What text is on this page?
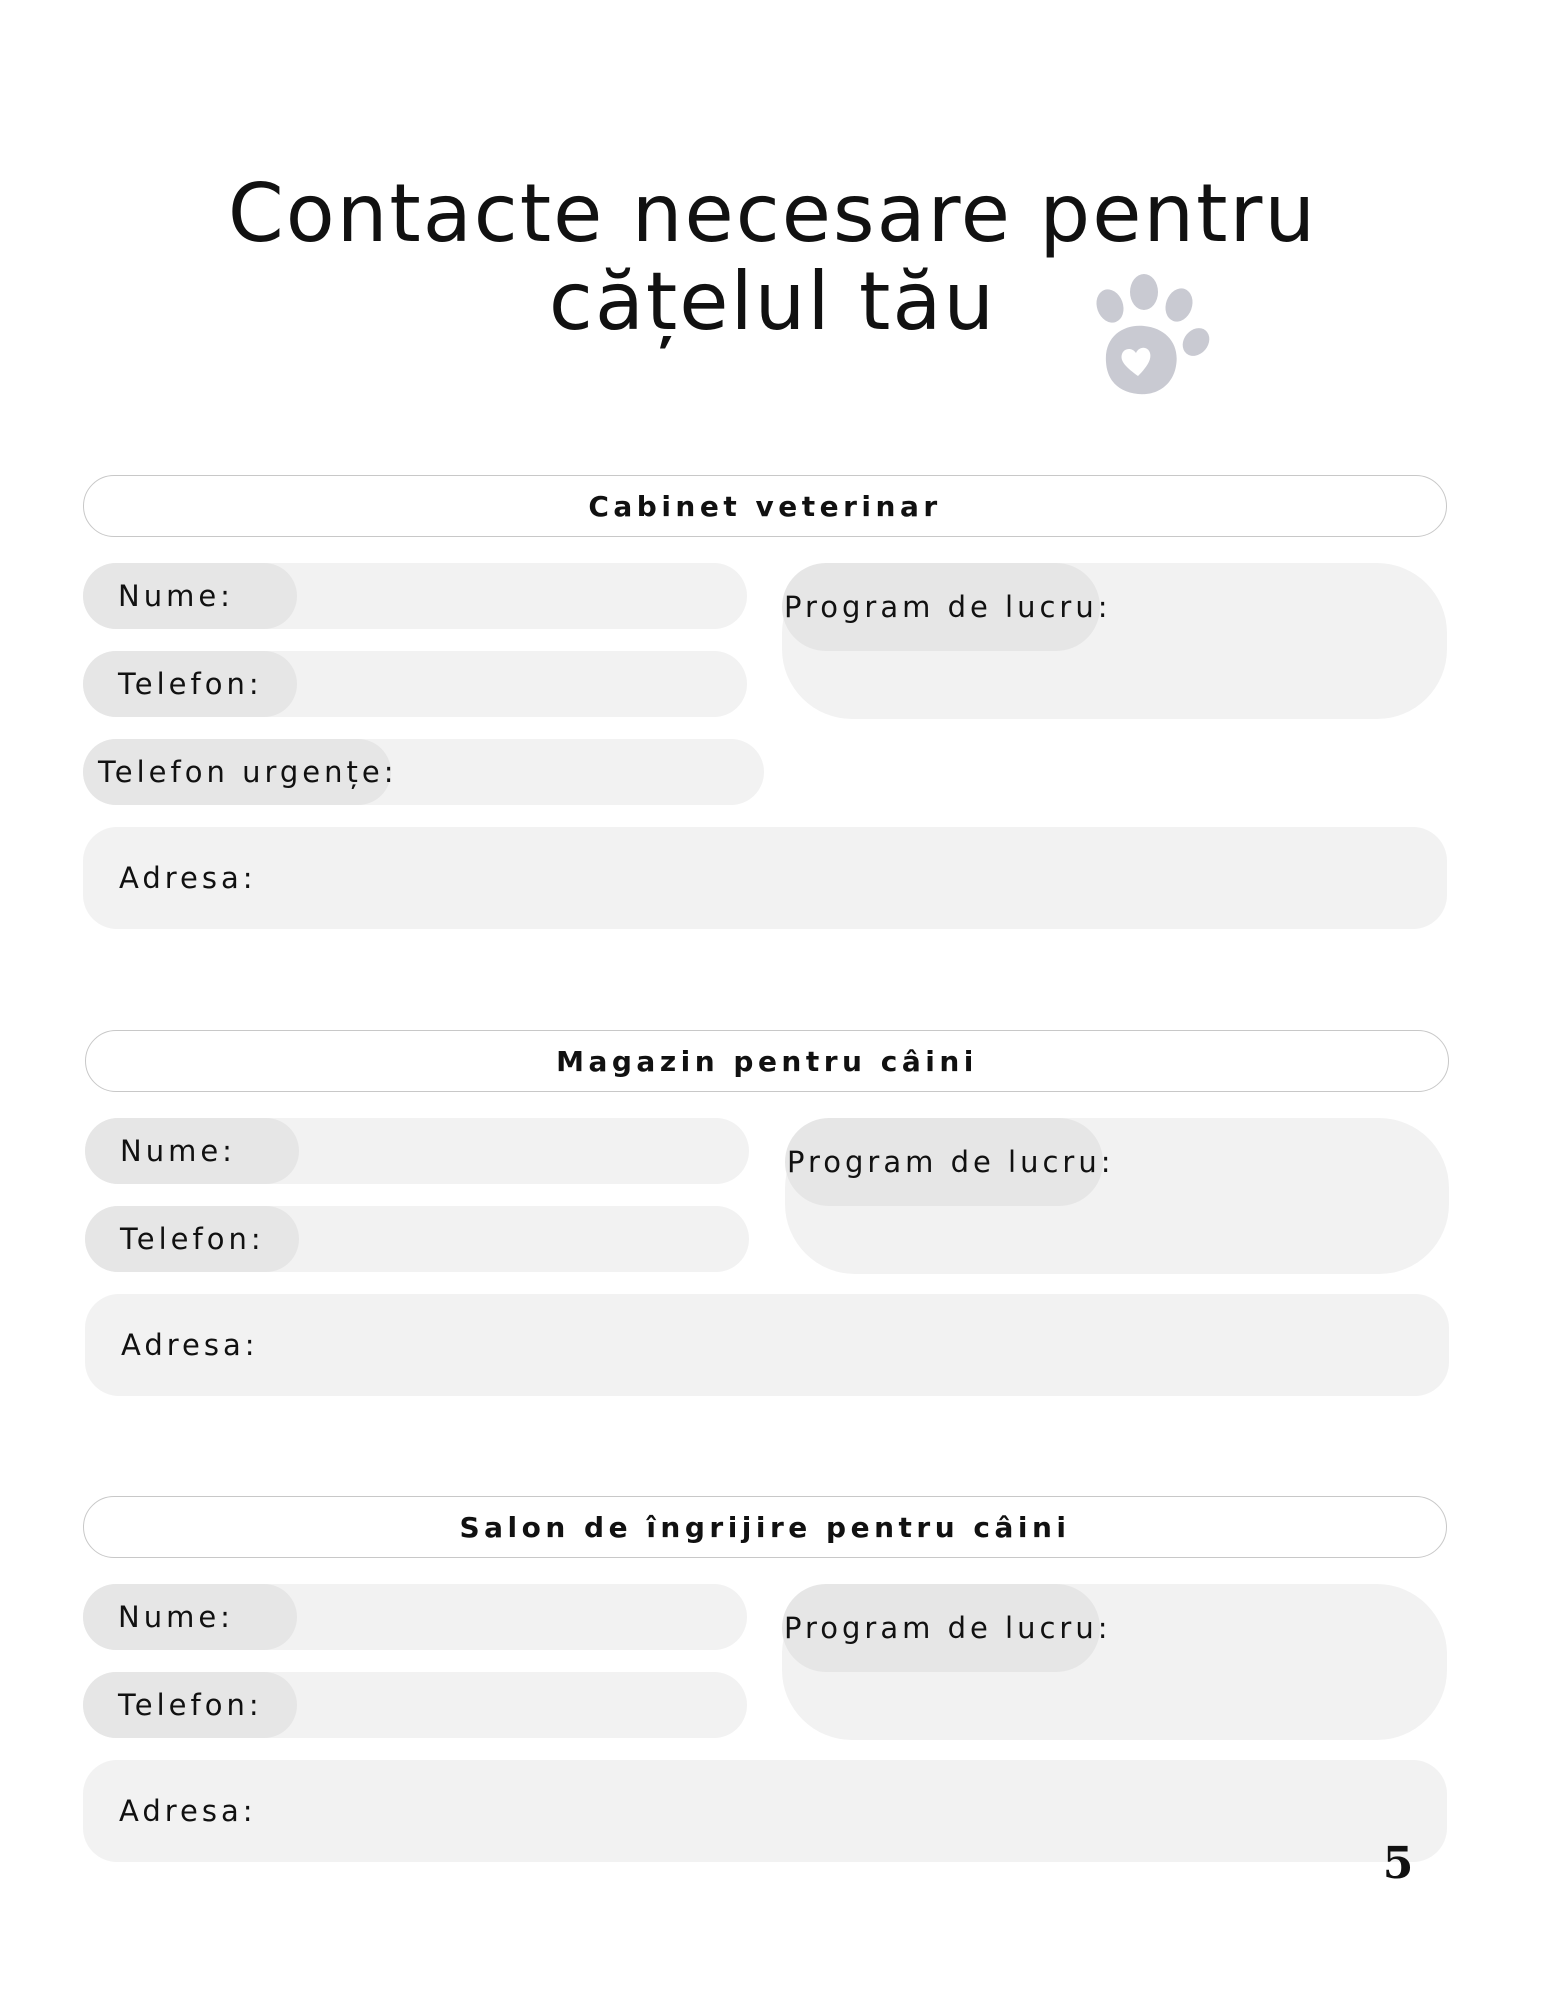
Contacte necesare pentru
cățelul tău
Cabinet veterinar
Nume:
Telefon:
Telefon urgențe:
Program de lucru:
Adresa:
Magazin pentru câini
Nume:
Telefon:
Program de lucru:
Adresa:
Salon de îngrijire pentru câini
Nume:
Telefon:
Program de lucru:
Adresa:
5
